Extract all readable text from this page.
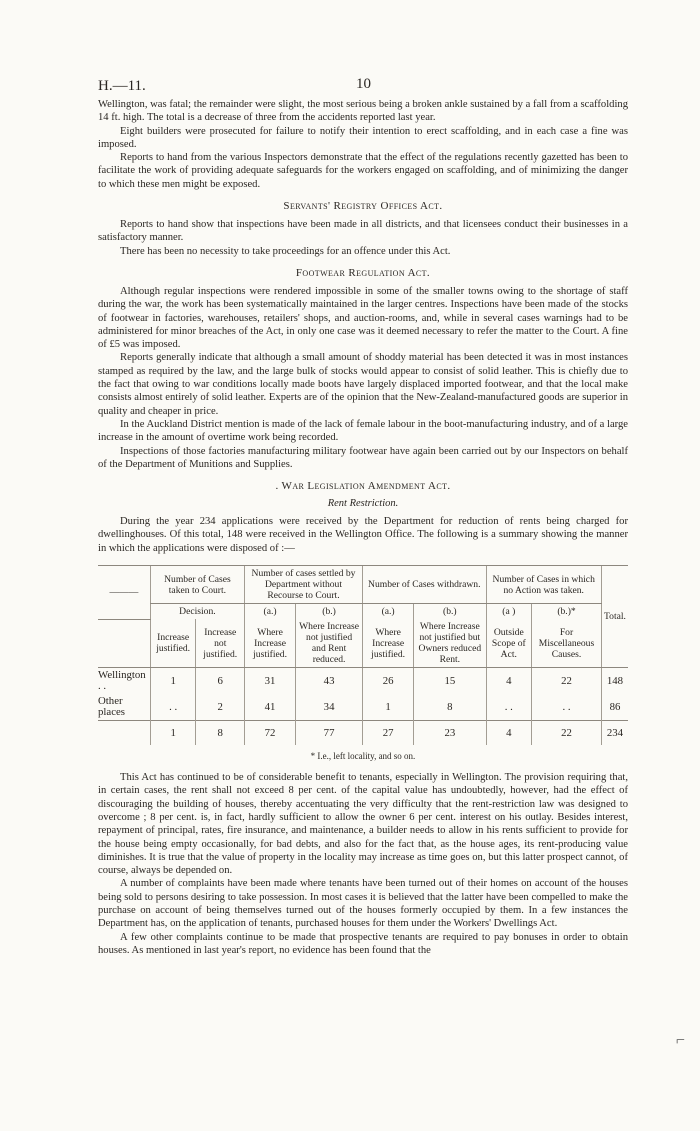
H.—11.	10

Wellington, was fatal; the remainder were slight, the most serious being a broken ankle sustained by a fall from a scaffolding 14 ft. high. The total is a decrease of three from the accidents reported last year.

Eight builders were prosecuted for failure to notify their intention to erect scaffolding, and in each case a fine was imposed.

Reports to hand from the various Inspectors demonstrate that the effect of the regulations recently gazetted has been to facilitate the work of providing adequate safeguards for the workers engaged on scaffolding, and of minimizing the danger to which these men might be exposed.

Servants' Registry Offices Act.

Reports to hand show that inspections have been made in all districts, and that licensees conduct their businesses in a satisfactory manner.

There has been no necessity to take proceedings for an offence under this Act.

Footwear Regulation Act.

Although regular inspections were rendered impossible in some of the smaller towns owing to the shortage of staff during the war, the work has been systematically maintained in the larger centres. Inspections have been made of the stocks of footwear in factories, warehouses, retailers' shops, and auction-rooms, and, while in several cases warnings had to be administered for minor breaches of the Act, in only one case was it deemed necessary to refer the matter to the Court. A fine of £5 was imposed.

Reports generally indicate that although a small amount of shoddy material has been detected it was in most instances stamped as required by the law, and the large bulk of stocks would appear to consist of solid leather. This is chiefly due to the fact that owing to war conditions locally made boots have largely displaced imported footwear, and that the local make consists almost entirely of solid leather. Experts are of the opinion that the New-Zealand-manufactured goods are superior in quality and cheaper in price.

In the Auckland District mention is made of the lack of female labour in the boot-manufacturing industry, and of a large increase in the amount of overtime work being recorded.

Inspections of those factories manufacturing military footwear have again been carried out by our Inspectors on behalf of the Department of Munitions and Supplies.

. War Legislation Amendment Act.
Rent Restriction.

During the year 234 applications were received by the Department for reduction of rents being charged for dwellinghouses. Of this total, 148 were received in the Wellington Office. The following is a summary showing the manner in which the applications were disposed of :—

———	Number of Cases taken to Court.		Number of cases settled by Department without Recourse to Court.		Number of Cases withdrawn.		Number of Cases in which no Action was taken.		Total.
	Decision.		(a.)	(b.)	(a.)	(b.)	(a )	(b.)*	
	Increase justified.	Increase not justified.	Where Increase justified.	Where Increase not justified and Rent reduced.	Where Increase justified.	Where Increase not justified but Owners reduced Rent.	Outside Scope of Act.	For Miscellaneous Causes.	
Wellington . .	1	6	31	43	26	15	4	22	148
Other places	. .	2	41	34	1	8	. .	. .	86
	1	8	72	77	27	23	4	22	234
* I.e., left locality, and so on.

This Act has continued to be of considerable benefit to tenants, especially in Wellington. The provision requiring that, in certain cases, the rent shall not exceed 8 per cent. of the capital value has undoubtedly, however, had the effect of discouraging the building of houses, thereby accentuating the very difficulty that the rent-restriction law was designed to overcome ; 8 per cent. is, in fact, hardly sufficient to allow the owner 6 per cent. interest on his outlay. Besides interest, repayment of principal, rates, fire insurance, and maintenance, a builder needs to allow in his rents sufficient to provide for the house being empty occasionally, for bad debts, and also for the fact that, as the house ages, its rent-producing value diminishes. It is true that the value of property in the locality may increase as time goes on, but this latter prospect cannot, of course, always be depended on.

A number of complaints have been made where tenants have been turned out of their homes on account of the houses being sold to persons desiring to take possession. In most cases it is believed that the latter have been compelled to make the purchase on account of being themselves turned out of the houses formerly occupied by them. In a few instances the Department has, on the application of tenants, purchased houses for them under the Workers' Dwellings Act.

A few other complaints continue to be made that prospective tenants are required to pay bonuses in order to obtain houses. As mentioned in last year's report, no evidence has been found that the

⌐
